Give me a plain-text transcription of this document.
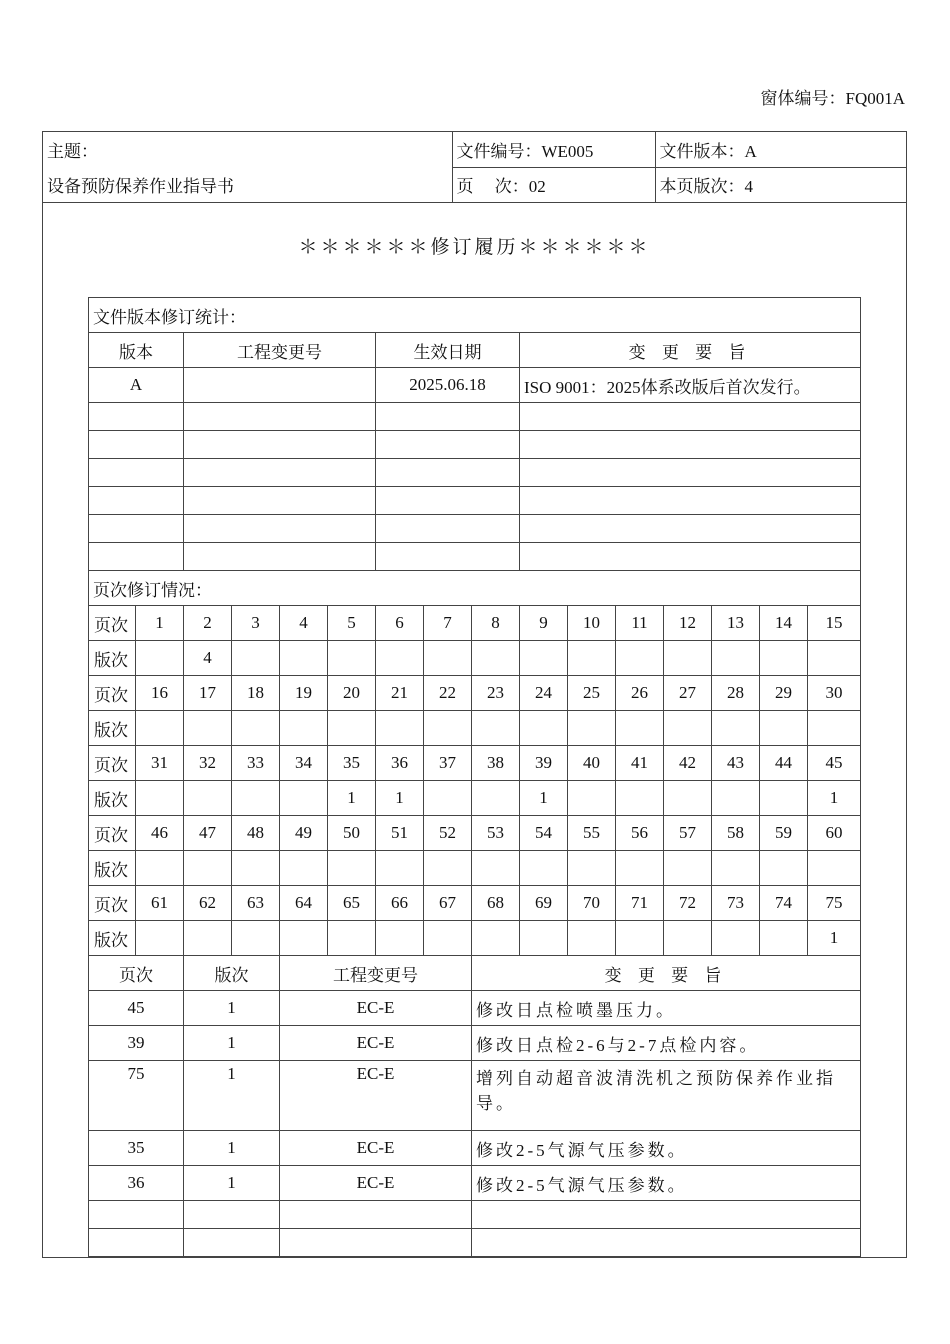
窗体编号：FQ001A
主题：	文件编号：WE005	文件版本：A
设备预防保养作业指导书	页　 次：02	本页版次：4
＊＊＊＊＊＊修订履历＊＊＊＊＊＊
文件版本修订统计：															
版本		工程变更号				生效日期			变 更 要 旨						
A						2025.06.18			ISO 9001：2025体系改版后首次发行。						

页次修订情况：															
页次	1	2	3	4	5	6	7	8	9	10	11	12	13	14	15
版次		4													
页次	16	17	18	19	20	21	22	23	24	25	26	27	28	29	30
版次															
页次	31	32	33	34	35	36	37	38	39	40	41	42	43	44	45
版次					1	1			1						1
页次	46	47	48	49	50	51	52	53	54	55	56	57	58	59	60
版次															
页次	61	62	63	64	65	66	67	68	69	70	71	72	73	74	75
版次															1
页次		版次		工程变更号				变 更 要 旨							
45		1		EC-E				修改日点检喷墨压力。							
39		1		EC-E				修改日点检2-6与2-7点检内容。							
75		1		EC-E				增列自动超音波清洗机之预防保养作业指导。							
35		1		EC-E				修改2-5气源气压参数。							
36		1		EC-E				修改2-5气源气压参数。							
